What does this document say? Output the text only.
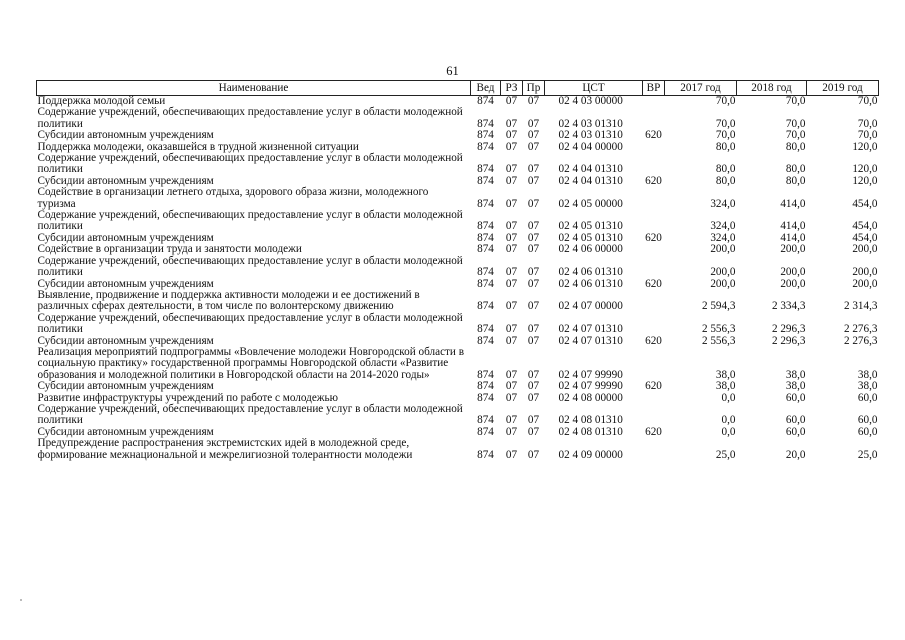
61
Наименование	Вед	РЗ	Пр	ЦСТ	ВР	2017 год	2018 год	2019 год
Поддержка молодой семьи	874	07	07	02 4 03 00000		70,0	70,0	70,0
Содержание учреждений, обеспечивающих предоставление услуг в области молодежной политики	874	07	07	02 4 03 01310		70,0	70,0	70,0
Субсидии автономным учреждениям	874	07	07	02 4 03 01310	620	70,0	70,0	70,0
Поддержка молодежи, оказавшейся в трудной жизненной ситуации	874	07	07	02 4 04 00000		80,0	80,0	120,0
Содержание учреждений, обеспечивающих предоставление услуг в области молодежной политики	874	07	07	02 4 04 01310		80,0	80,0	120,0
Субсидии автономным учреждениям	874	07	07	02 4 04 01310	620	80,0	80,0	120,0
Содействие в организации летнего отдыха, здорового образа жизни, молодежного туризма	874	07	07	02 4 05 00000		324,0	414,0	454,0
Содержание учреждений, обеспечивающих предоставление услуг в области молодежной политики	874	07	07	02 4 05 01310		324,0	414,0	454,0
Субсидии автономным учреждениям	874	07	07	02 4 05 01310	620	324,0	414,0	454,0
Содействие в организации труда и занятости молодежи	874	07	07	02 4 06 00000		200,0	200,0	200,0
Содержание учреждений, обеспечивающих предоставление услуг в области молодежной политики	874	07	07	02 4 06 01310		200,0	200,0	200,0
Субсидии автономным учреждениям	874	07	07	02 4 06 01310	620	200,0	200,0	200,0
Выявление, продвижение и поддержка активности молодежи и ее достижений в различных сферах деятельности, в том числе по волонтерскому движению	874	07	07	02 4 07 00000		2 594,3	2 334,3	2 314,3
Содержание учреждений, обеспечивающих предоставление услуг в области молодежной политики	874	07	07	02 4 07 01310		2 556,3	2 296,3	2 276,3
Субсидии автономным учреждениям	874	07	07	02 4 07 01310	620	2 556,3	2 296,3	2 276,3
Реализация мероприятий подпрограммы «Вовлечение молодежи Новгородской области в социальную практику» государственной программы Новгородской области «Развитие образования и молодежной политики в Новгородской области на 2014-2020 годы»	874	07	07	02 4 07 99990		38,0	38,0	38,0
Субсидии автономным учреждениям	874	07	07	02 4 07 99990	620	38,0	38,0	38,0
Развитие инфраструктуры учреждений по работе с молодежью	874	07	07	02 4 08 00000		0,0	60,0	60,0
Содержание учреждений, обеспечивающих предоставление услуг в области молодежной политики	874	07	07	02 4 08 01310		0,0	60,0	60,0
Субсидии автономным учреждениям	874	07	07	02 4 08 01310	620	0,0	60,0	60,0
Предупреждение распространения экстремистских идей в молодежной среде, формирование межнациональной и межрелигиозной толерантности молодежи	874	07	07	02 4 09 00000		25,0	20,0	25,0
